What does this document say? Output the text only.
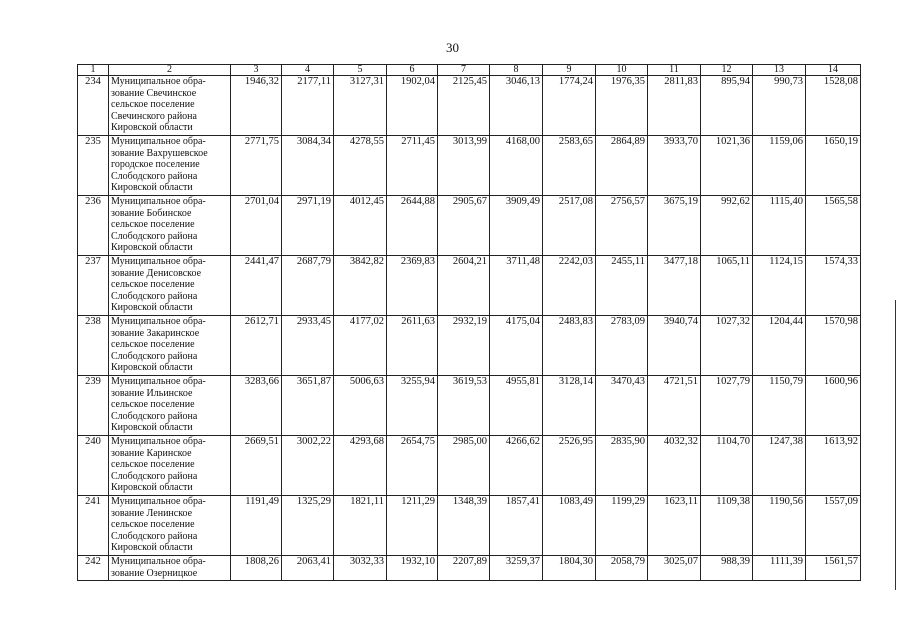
30
1	2	3	4	5	6	7	8	9	10	11	12	13	14
234	Муниципальное обра-
зование Свечинское
сельское поселение
Свечинского района
Кировской области	1946,32	2177,11	3127,31	1902,04	2125,45	3046,13	1774,24	1976,35	2811,83	895,94	990,73	1528,08
235	Муниципальное обра-
зование Вахрушевское
городское поселение
Слободского района
Кировской области	2771,75	3084,34	4278,55	2711,45	3013,99	4168,00	2583,65	2864,89	3933,70	1021,36	1159,06	1650,19
236	Муниципальное обра-
зование Бобинское
сельское поселение
Слободского района
Кировской области	2701,04	2971,19	4012,45	2644,88	2905,67	3909,49	2517,08	2756,57	3675,19	992,62	1115,40	1565,58
237	Муниципальное обра-
зование Денисовское
сельское поселение
Слободского района
Кировской области	2441,47	2687,79	3842,82	2369,83	2604,21	3711,48	2242,03	2455,11	3477,18	1065,11	1124,15	1574,33
238	Муниципальное обра-
зование Закаринское
сельское поселение
Слободского района
Кировской области	2612,71	2933,45	4177,02	2611,63	2932,19	4175,04	2483,83	2783,09	3940,74	1027,32	1204,44	1570,98
239	Муниципальное обра-
зование Ильинское
сельское поселение
Слободского района
Кировской области	3283,66	3651,87	5006,63	3255,94	3619,53	4955,81	3128,14	3470,43	4721,51	1027,79	1150,79	1600,96
240	Муниципальное обра-
зование Каринское
сельское поселение
Слободского района
Кировской области	2669,51	3002,22	4293,68	2654,75	2985,00	4266,62	2526,95	2835,90	4032,32	1104,70	1247,38	1613,92
241	Муниципальное обра-
зование Ленинское
сельское поселение
Слободского района
Кировской области	1191,49	1325,29	1821,11	1211,29	1348,39	1857,41	1083,49	1199,29	1623,11	1109,38	1190,56	1557,09
242	Муниципальное обра-
зование Озерницкое	1808,26	2063,41	3032,33	1932,10	2207,89	3259,37	1804,30	2058,79	3025,07	988,39	1111,39	1561,57
